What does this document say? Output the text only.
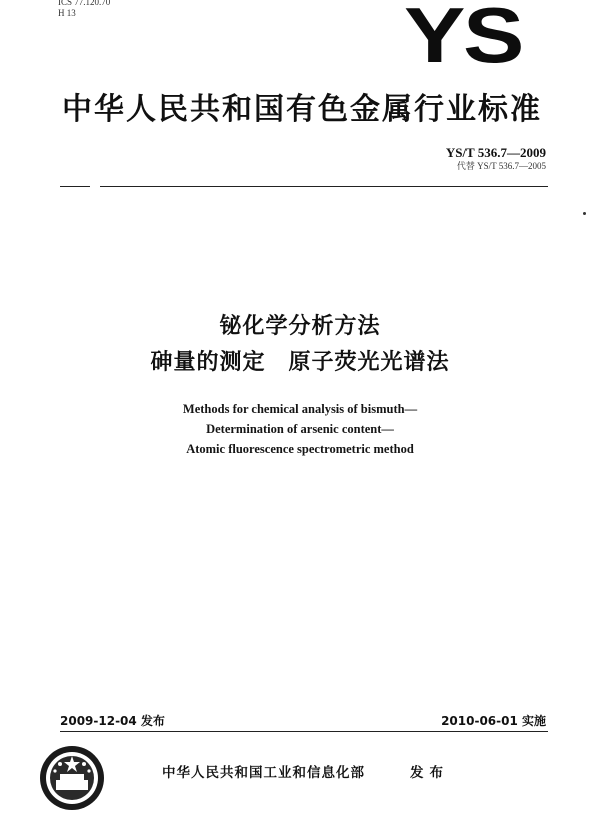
ICS 77.120.70
H 13	YS
中华人民共和国有色金属行业标准
YS/T 536.7—2009
代替 YS/T 536.7—2005
铋化学分析方法
砷量的测定　原子荧光光谱法
Methods for chemical analysis of bismuth—
Determination of arsenic content—
Atomic fluorescence spectrometric method
2009-12-04 发布	2010-06-01 实施
中华人民共和国工业和信息化部	发布
